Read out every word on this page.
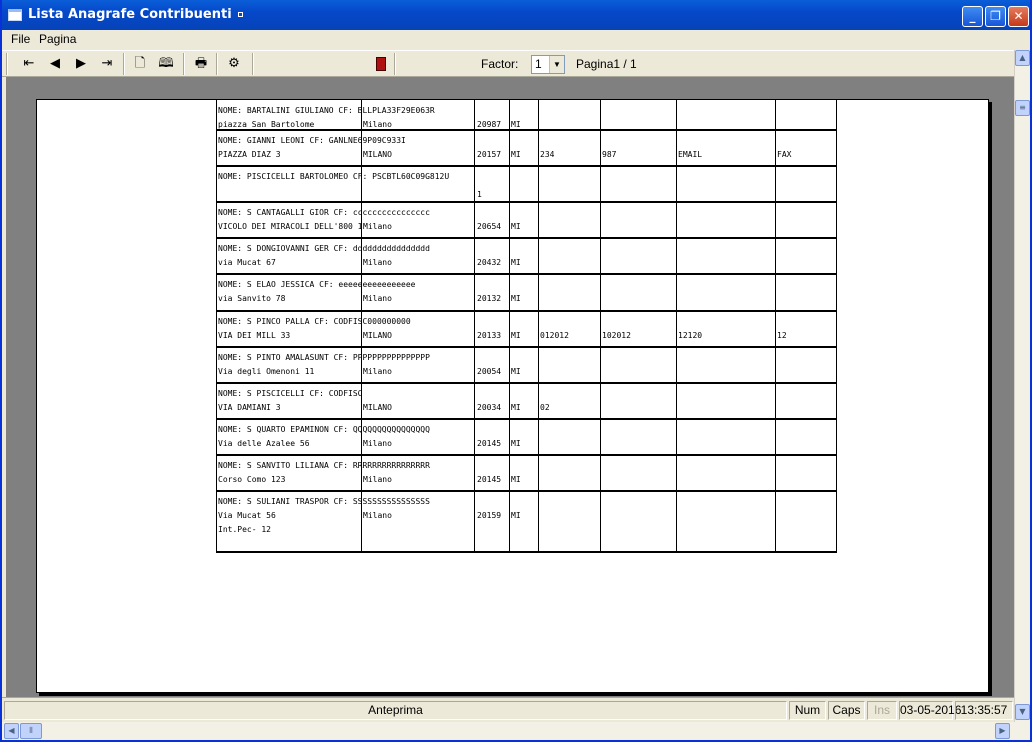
Lista Anagrafe Contribuenti	_	❐	✕
File Pagina
⇤	◀	▶	⇥	🗋	🕮 🖶	⚙	Factor:	1	▼ Pagina1 / 1
NOME: BARTALINI GIULIANO CF: BLLPLA33F29E063R
piazza San Bartolome	Milano	20987 MI
NOME: GIANNI LEONI CF: GANLNE69P09C933I
PIAZZA DIAZ 3	MILANO	20157 MI 234	987	EMAIL	FAX
NOME: PISCICELLI BARTOLOMEO CF: PSCBTL60C09G812U
1
NOME: S CANTAGALLI GIOR CF: cccccccccccccccc
VICOLO DEI MIRACOLI DELL'800 1 Milano	20654 MI
NOME: S DONGIOVANNI GER CF: dddddddddddddddd
via Mucat 67	Milano	20432 MI
NOME: S ELAO JESSICA CF: eeeeeeeeeeeeeeee
via Sanvito 78	Milano	20132 MI
NOME: S PINCO PALLA CF: CODFISC000000000
VIA DEI MILL 33	MILANO	20133 MI 012012	102012	12120	12
NOME: S PINTO AMALASUNT CF: PPPPPPPPPPPPPPPP
Via degli Omenoni 11	Milano	20054 MI
NOME: S PISCICELLI CF: CODFISC
VIA DAMIANI 3	MILANO	20034 MI 02
NOME: S QUARTO EPAMINON CF: QQQQQQQQQQQQQQQQ
Via delle Azalee 56	Milano	20145 MI
NOME: S SANVITO LILIANA CF: RRRRRRRRRRRRRRRR
Corso Como 123	Milano	20145 MI
NOME: S SULIANI TRASPOR CF: SSSSSSSSSSSSSSSS
Via Mucat 56
Int.Pec- 12
Milano	20159 MI
▲
≡
▼
Anteprima	Num	Caps	Ins 03-05-2016 13:35:57
◀	⦀	▶
